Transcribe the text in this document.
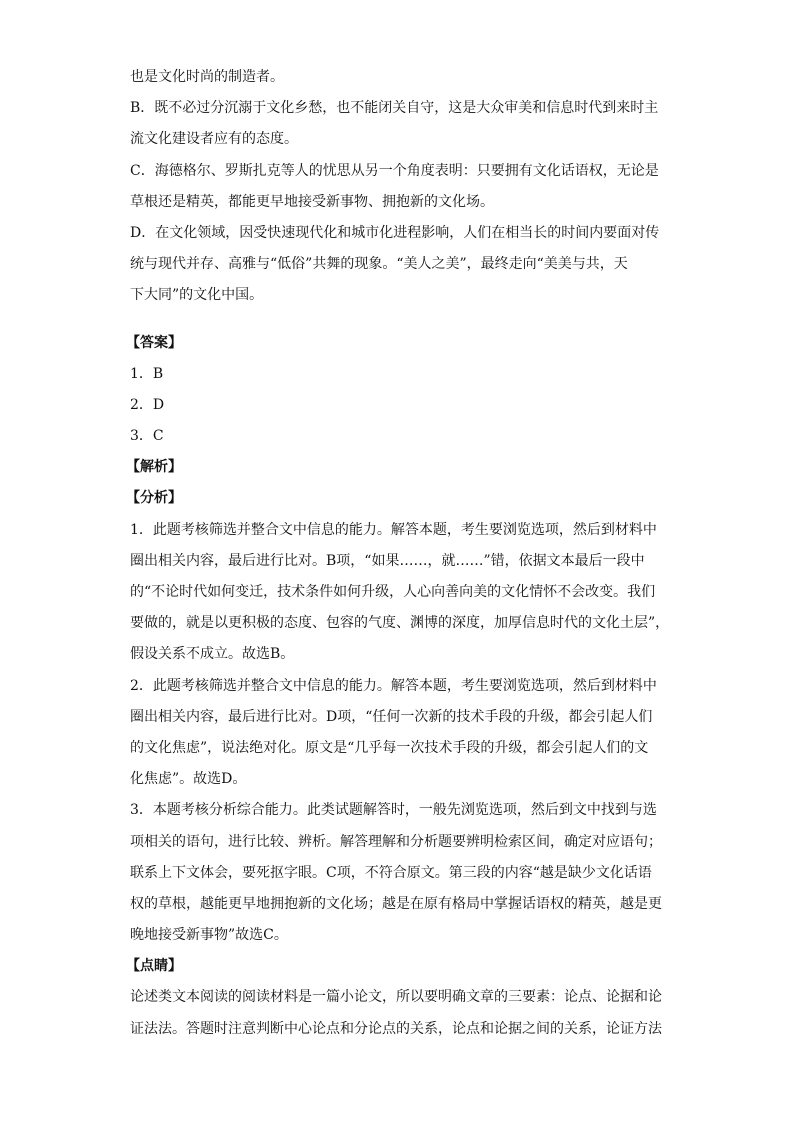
也是文化时尚的制造者。
B．既不必过分沉溺于文化乡愁，也不能闭关自守，这是大众审美和信息时代到来时主
流文化建设者应有的态度。
C．海德格尔、罗斯扎克等人的忧思从另一个角度表明：只要拥有文化话语权，无论是
草根还是精英，都能更早地接受新事物、拥抱新的文化场。
D．在文化领域，因受快速现代化和城市化进程影响，人们在相当长的时间内要面对传
统与现代并存、高雅与“低俗”共舞的现象。“美人之美”，最终走向“美美与共，天
下大同”的文化中国。
【答案】
1．B
2．D
3．C
【解析】
【分析】
1．此题考核筛选并整合文中信息的能力。解答本题，考生要浏览选项，然后到材料中
圈出相关内容，最后进行比对。B项，“如果……，就……”错，依据文本最后一段中
的“不论时代如何变迁，技术条件如何升级，人心向善向美的文化情怀不会改变。我们
要做的，就是以更积极的态度、包容的气度、渊博的深度，加厚信息时代的文化土层”，
假设关系不成立。故选B。
2．此题考核筛选并整合文中信息的能力。解答本题，考生要浏览选项，然后到材料中
圈出相关内容，最后进行比对。D项，“任何一次新的技术手段的升级，都会引起人们
的文化焦虑”，说法绝对化。原文是“几乎每一次技术手段的升级，都会引起人们的文
化焦虑”。故选D。
3．本题考核分析综合能力。此类试题解答时，一般先浏览选项，然后到文中找到与选
项相关的语句，进行比较、辨析。解答理解和分析题要辨明检索区间，确定对应语句；
联系上下文体会，要死抠字眼。C项，不符合原文。第三段的内容“越是缺少文化话语
权的草根，越能更早地拥抱新的文化场；越是在原有格局中掌握话语权的精英，越是更
晚地接受新事物”故选C。
【点睛】
论述类文本阅读的阅读材料是一篇小论文，所以要明确文章的三要素：论点、论据和论
证法法。答题时注意判断中心论点和分论点的关系，论点和论据之间的关系，论证方法
